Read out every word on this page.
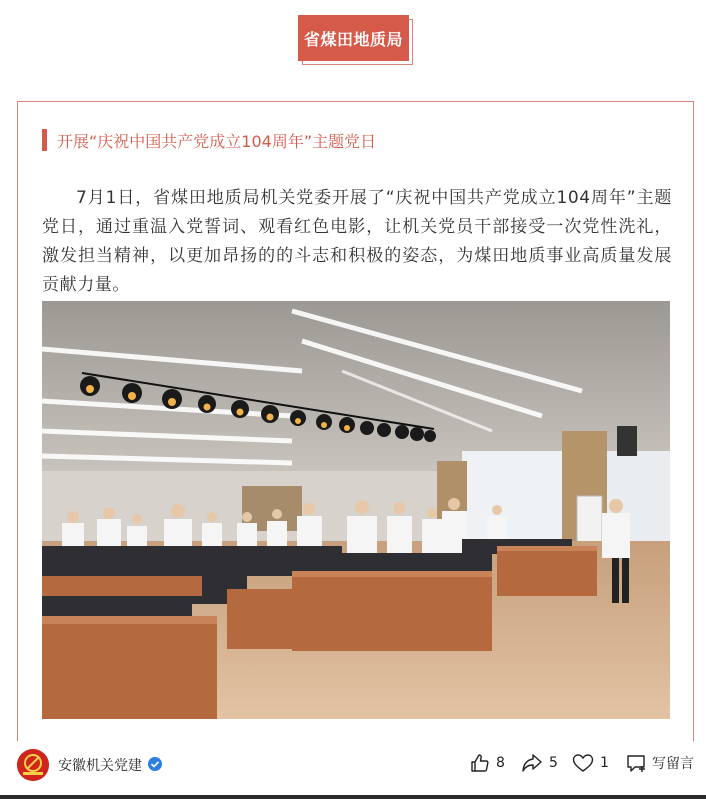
省煤田地质局
开展“庆祝中国共产党成立104周年”主题党日

7月1日，省煤田地质局机关党委开展了“庆祝中国共产党成立104周年”主题党日，通过重温入党誓词、观看红色电影，让机关党员干部接受一次党性洗礼，激发担当精神，以更加昂扬的的斗志和积极的姿态，为煤田地质事业高质量发展贡献力量。

安徽机关党建	8	5	1	写留言
